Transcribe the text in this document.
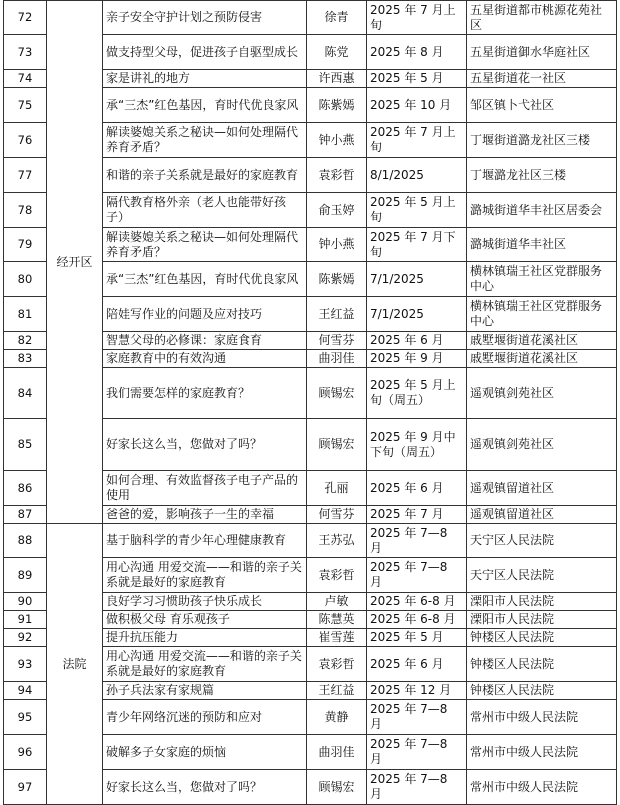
72	经开区	亲子安全守护计划之预防侵害	徐青	2025 年 7 月上旬	五星街道都市桃源花苑社区
73		做支持型父母，促进孩子自驱型成长	陈党	2025 年 8 月	五星街道御水华庭社区
74		家是讲礼的地方	许西惠	2025 年 5 月	五星街道花一社区
75		承“三杰”红色基因，育时代优良家风	陈紫嫣	2025 年 10 月	邹区镇卜弋社区
76		解读婆媳关系之秘诀—如何处理隔代养育矛盾？	钟小燕	2025 年 7 月上旬	丁堰街道潞龙社区三楼
77		和谐的亲子关系就是最好的家庭教育	袁彩哲	8/1/2025	丁堰潞龙社区三楼
78		隔代教育格外亲（老人也能带好孩子）	俞玉婷	2025 年 5 月上旬	潞城街道华丰社区居委会
79		解读婆媳关系之秘诀—如何处理隔代养育矛盾？	钟小燕	2025 年 7 月下旬	潞城街道华丰社区
80		承“三杰”红色基因，育时代优良家风	陈紫嫣	7/1/2025	横林镇瑞王社区党群服务中心
81		陪娃写作业的问题及应对技巧	王红益	7/1/2025	横林镇瑞王社区党群服务中心
82		智慧父母的必修课：家庭食育	何雪芬	2025 年 6 月	戚墅堰街道花溪社区
83		家庭教育中的有效沟通	曲羽佳	2025 年 9 月	戚墅堰街道花溪社区
84		我们需要怎样的家庭教育？	顾锡宏	2025 年 5 月上旬（周五）	遥观镇剑苑社区
85		好家长这么当，您做对了吗？	顾锡宏	2025 年 9 月中下旬（周五）	遥观镇剑苑社区
86		如何合理、有效监督孩子电子产品的使用	孔丽	2025 年 6 月	遥观镇留道社区
87		爸爸的爱，影响孩子一生的幸福	何雪芬	2025 年 7 月	遥观镇留道社区
88	法院	基于脑科学的青少年心理健康教育	王苏弘	2025 年 7—8 月	天宁区人民法院
89		用心沟通 用爱交流——和谐的亲子关系就是最好的家庭教育	袁彩哲	2025 年 7—8 月	天宁区人民法院
90		良好学习习惯助孩子快乐成长	卢敏	2025 年 6-8 月	溧阳市人民法院
91		做积极父母 育乐观孩子	陈慧英	2025 年 6-8 月	溧阳市人民法院
92		提升抗压能力	崔雪莲	2025 年 5 月	钟楼区人民法院
93		用心沟通 用爱交流——和谐的亲子关系就是最好的家庭教育	袁彩哲	2025 年 6 月	钟楼区人民法院
94		孙子兵法家有家规篇	王红益	2025 年 12 月	钟楼区人民法院
95		青少年网络沉迷的预防和应对	黄静	2025 年 7—8 月	常州市中级人民法院
96		破解多子女家庭的烦恼	曲羽佳	2025 年 7—8 月	常州市中级人民法院
97		好家长这么当，您做对了吗？	顾锡宏	2025 年 7—8 月	常州市中级人民法院
